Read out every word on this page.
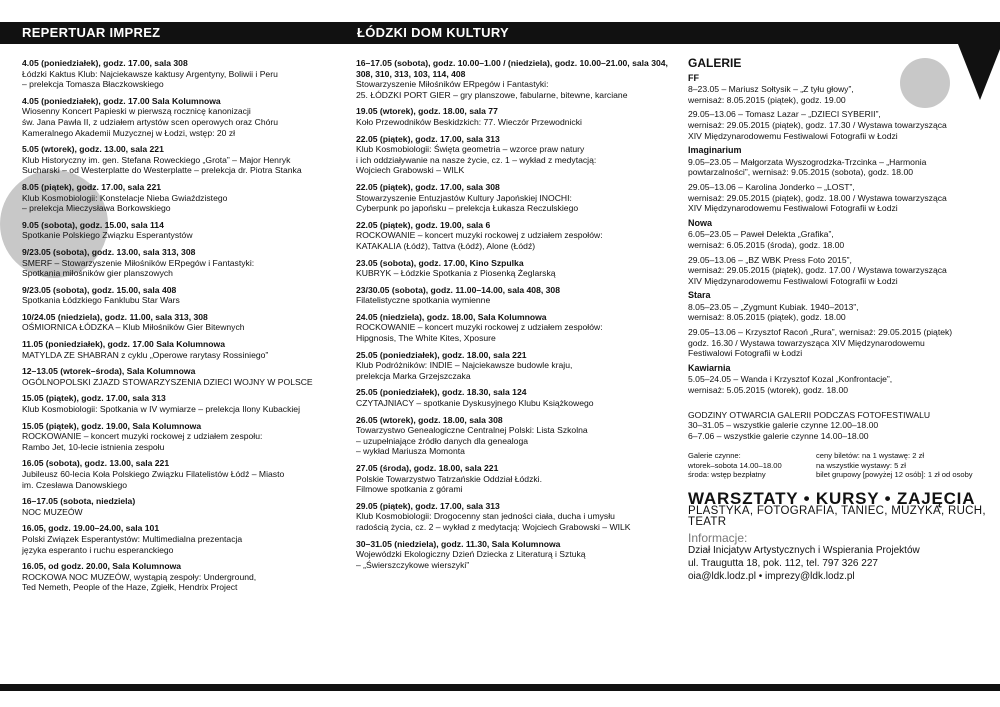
REPERTUAR IMPREZ	ŁÓDZKI DOM KULTURY
4.05 (poniedziałek), godz. 17.00, sala 308
Łódzki Kaktus Klub: Najciekawsze kaktusy Argentyny, Boliwii i Peru
– prelekcja Tomasza Błaczkowskiego
4.05 (poniedziałek), godz. 17.00 Sala Kolumnowa
Wiosenny Koncert Papieski w pierwszą rocznicę kanonizacji
św. Jana Pawła II, z udziałem artystów scen operowych oraz Chóru
Kameralnego Akademii Muzycznej w Łodzi, wstęp: 20 zł
5.05 (wtorek), godz. 13.00, sala 221
Klub Historyczny im. gen. Stefana Roweckiego „Grota” – Major Henryk
Sucharski – od Westerplatte do Westerplatte – prelekcja dr. Piotra Stanka
8.05 (piątek), godz. 17.00, sala 221
Klub Kosmobiologii: Konstelacje Nieba Gwiaździstego
– prelekcja Mieczysława Borkowskiego
9.05 (sobota), godz. 15.00, sala 114
Spotkanie Polskiego Związku Esperantystów
9/23.05 (sobota), godz. 13.00, sala 313, 308
SMERF – Stowarzyszenie Miłośników ERpegów i Fantastyki:
Spotkania miłośników gier planszowych
9/23.05 (sobota), godz. 15.00, sala 408
Spotkania Łódzkiego Fanklubu Star Wars
10/24.05 (niedziela), godz. 11.00, sala 313, 308
OŚMIORNICA ŁÓDZKA – Klub Miłośników Gier Bitewnych
11.05 (poniedziałek), godz. 17.00 Sala Kolumnowa
MATYLDA ZE SHABRAN z cyklu „Operowe rarytasy Rossiniego”
12–13.05 (wtorek–środa), Sala Kolumnowa
OGÓLNOPOLSKI ZJAZD STOWARZYSZENIA DZIECI WOJNY W POLSCE
15.05 (piątek), godz. 17.00, sala 313
Klub Kosmobiologii: Spotkania w IV wymiarze – prelekcja Ilony Kubackiej
15.05 (piątek), godz. 19.00, Sala Kolumnowa
ROCKOWANIE – koncert muzyki rockowej z udziałem zespołu:
Rambo Jet, 10-lecie istnienia zespołu
16.05 (sobota), godz. 13.00, sala 221
Jubileusz 60-lecia Koła Polskiego Związku Filatelistów Łódź – Miasto
im. Czesława Danowskiego
16–17.05 (sobota, niedziela)
NOC MUZEÓW
16.05, godz. 19.00–24.00, sala 101
Polski Związek Esperantystów: Multimedialna prezentacja
języka esperanto i ruchu esperanckiego
16.05, od godz. 20.00, Sala Kolumnowa
ROCKOWA NOC MUZEÓW, wystąpią zespoły: Underground,
Ted Nemeth, People of the Haze, Zgiełk, Hendrix Project
16–17.05 (sobota), godz. 10.00–1.00 / (niedziela), godz. 10.00–21.00, sala 304, 308, 310, 313, 103, 114, 408
Stowarzyszenie Miłośników ERpegów i Fantastyki:
25. ŁÓDZKI PORT GIER – gry planszowe, fabularne, bitewne, karciane
19.05 (wtorek), godz. 18.00, sala 77
Koło Przewodników Beskidzkich: 77. Wieczór Przewodnicki
22.05 (piątek), godz. 17.00, sala 313
Klub Kosmobiologii: Święta geometria – wzorce praw natury
i ich oddziaływanie na nasze życie, cz. 1 – wykład z medytacją:
Wojciech Grabowski – WILK
22.05 (piątek), godz. 17.00, sala 308
Stowarzyszenie Entuzjastów Kultury Japońskiej INOCHI:
Cyberpunk po japońsku – prelekcja Łukasza Reczulskiego
22.05 (piątek), godz. 19.00, sala 6
ROCKOWANIE – koncert muzyki rockowej z udziałem zespołów:
KATAKALIA (Łódź), Tattva (Łódź), Alone (Łódź)
23.05 (sobota), godz. 17.00, Kino Szpulka
KUBRYK – Łódzkie Spotkania z Piosenką Żeglarską
23/30.05 (sobota), godz. 11.00–14.00, sala 408, 308
Filatelistyczne spotkania wymienne
24.05 (niedziela), godz. 18.00, Sala Kolumnowa
ROCKOWANIE – koncert muzyki rockowej z udziałem zespołów:
Hipgnosis, The White Kites, Xposure
25.05 (poniedziałek), godz. 18.00, sala 221
Klub Podróżników: INDIE – Najciekawsze budowle kraju,
prelekcja Marka Grzejszczaka
25.05 (poniedziałek), godz. 18.30, sala 124
CZYTAJNIACY – spotkanie Dyskusyjnego Klubu Książkowego
26.05 (wtorek), godz. 18.00, sala 308
Towarzystwo Genealogiczne Centralnej Polski: Lista Szkolna
– uzupełniające źródło danych dla genealoga
– wykład Mariusza Momonta
27.05 (środa), godz. 18.00, sala 221
Polskie Towarzystwo Tatrzańskie Oddział Łódzki.
Filmowe spotkania z górami
29.05 (piątek), godz. 17.00, sala 313
Klub Kosmobiologii: Drogocenny stan jedności ciała, ducha i umysłu
radością życia, cz. 2 – wykład z medytacją: Wojciech Grabowski – WILK
30–31.05 (niedziela), godz. 11.30, Sala Kolumnowa
Wojewódzki Ekologiczny Dzień Dziecka z Literaturą i Sztuką
– „Świerszczykowe wierszyki”
GALERIE
FF
8–23.05 – Mariusz Sołtysik – „Z tyłu głowy”,
wernisaż: 8.05.2015 (piątek), godz. 19.00
29.05–13.06 – Tomasz Lazar – „DZIECI SYBERII”,
wernisaż: 29.05.2015 (piątek), godz. 17.30 / Wystawa towarzysząca
XIV Międzynarodowemu Festiwalowi Fotografii w Łodzi
Imaginarium
9.05–23.05 – Małgorzata Wyszogrodzka-Trzcinka – „Harmonia
powtarzalności”, wernisaż: 9.05.2015 (sobota), godz. 18.00
29.05–13.06 – Karolina Jonderko – „LOST”,
wernisaż: 29.05.2015 (piątek), godz. 18.00 / Wystawa towarzysząca
XIV Międzynarodowemu Festiwalowi Fotografii w Łodzi
Nowa
6.05–23.05 – Paweł Delekta „Grafika”,
wernisaż: 6.05.2015 (środa), godz. 18.00
29.05–13.06 – „BZ WBK Press Foto 2015”,
wernisaż: 29.05.2015 (piątek), godz. 17.00 / Wystawa towarzysząca
XIV Międzynarodowemu Festiwalowi Fotografii w Łodzi
Stara
8.05–23.05 – „Zygmunt Kubiak. 1940–2013”,
wernisaż: 8.05.2015 (piątek), godz. 18.00
29.05–13.06 – Krzysztof Racoń „Rura”, wernisaż: 29.05.2015 (piątek)
godz. 16.30 / Wystawa towarzysząca XIV Międzynarodowemu
Festiwalowi Fotografii w Łodzi
Kawiarnia
5.05–24.05 – Wanda i Krzysztof Kozal „Konfrontacje”,
wernisaż: 5.05.2015 (wtorek), godz. 18.00
GODZINY OTWARCIA GALERII PODCZAS FOTOFESTIWALU
30–31.05 – wszystkie galerie czynne 12.00–18.00
6–7.06 – wszystkie galerie czynne 14.00–18.00
Galerie czynne:
wtorek–sobota 14.00–18.00
środa: wstęp bezpłatny
ceny biletów: na 1 wystawę: 2 zł
na wszystkie wystawy: 5 zł
bilet grupowy [powyżej 12 osób]: 1 zł od osoby
WARSZTATY • KURSY • ZAJĘCIA
PLASTYKA, FOTOGRAFIA, TANIEC, MUZYKA, RUCH, TEATR
Informacje:
Dział Inicjatyw Artystycznych i Wspierania Projektów
ul. Traugutta 18, pok. 112, tel. 797 326 227
oia@ldk.lodz.pl • imprezy@ldk.lodz.pl
